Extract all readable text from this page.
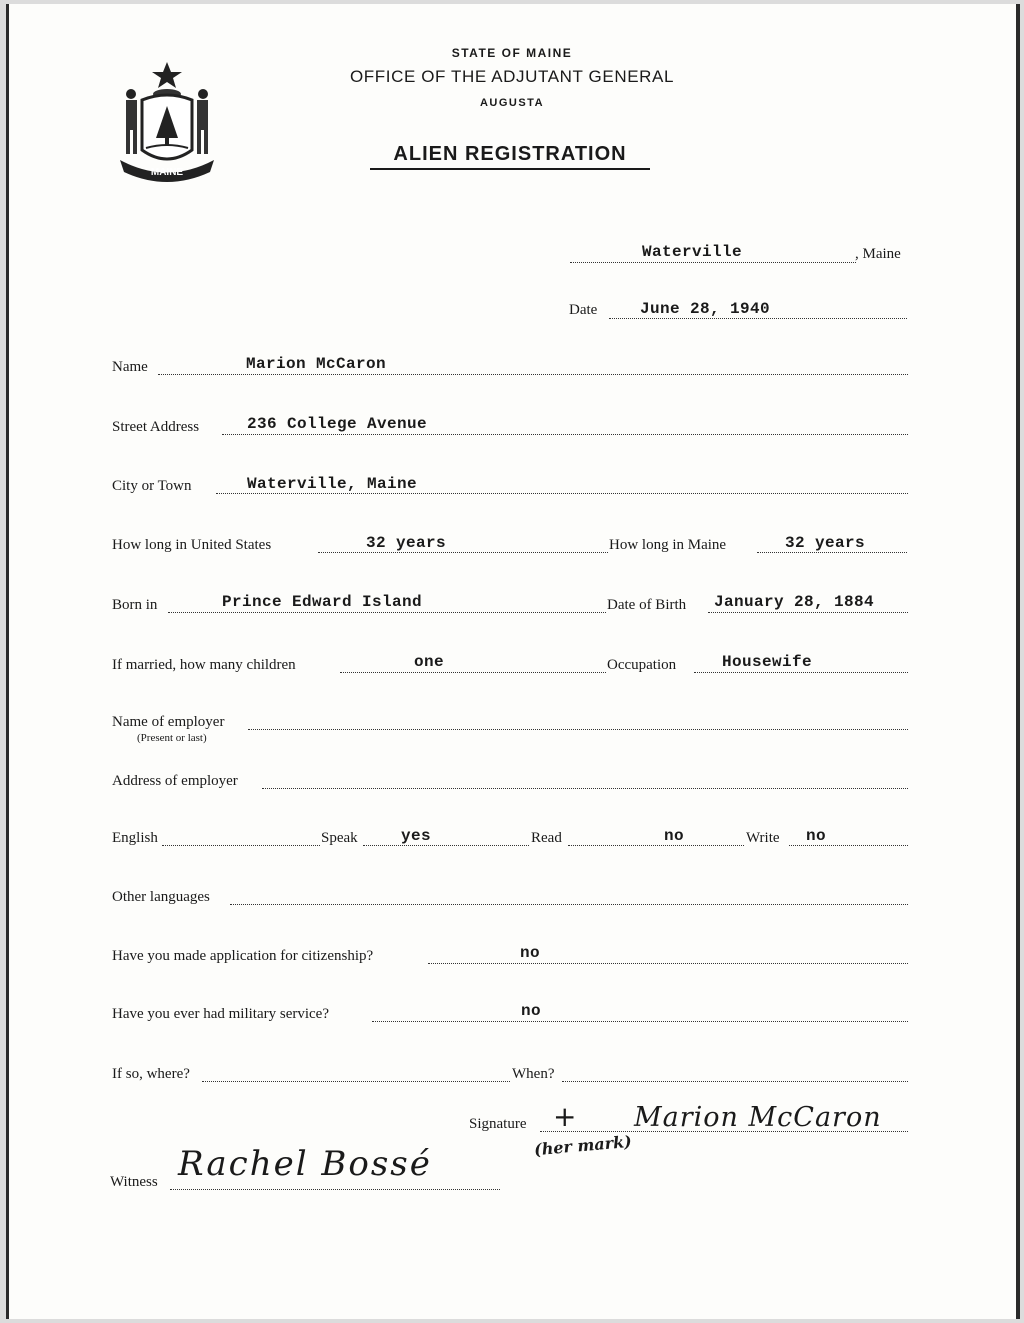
MAINE
STATE OF MAINE
OFFICE OF THE ADJUTANT GENERAL
AUGUSTA
ALIEN REGISTRATION
Waterville	, Maine
Date	June 28, 1940
Name	Marion McCaron
Street Address	236 College Avenue
City or Town	Waterville, Maine
How long in United States	32 years	How long in Maine	32 years
Born in	Prince Edward Island	Date of Birth January 28, 1884
If married, how many children	one	Occupation	Housewife
Name of employer
(Present or last)
Address of employer
English	Speak	yes	Read	no	Write no
Other languages
Have you made application for citizenship?	no
Have you ever had military service?	no
If so, where?	When?
Signature + Marion McCaron
(her mark)
Witness Rachel Bossé
